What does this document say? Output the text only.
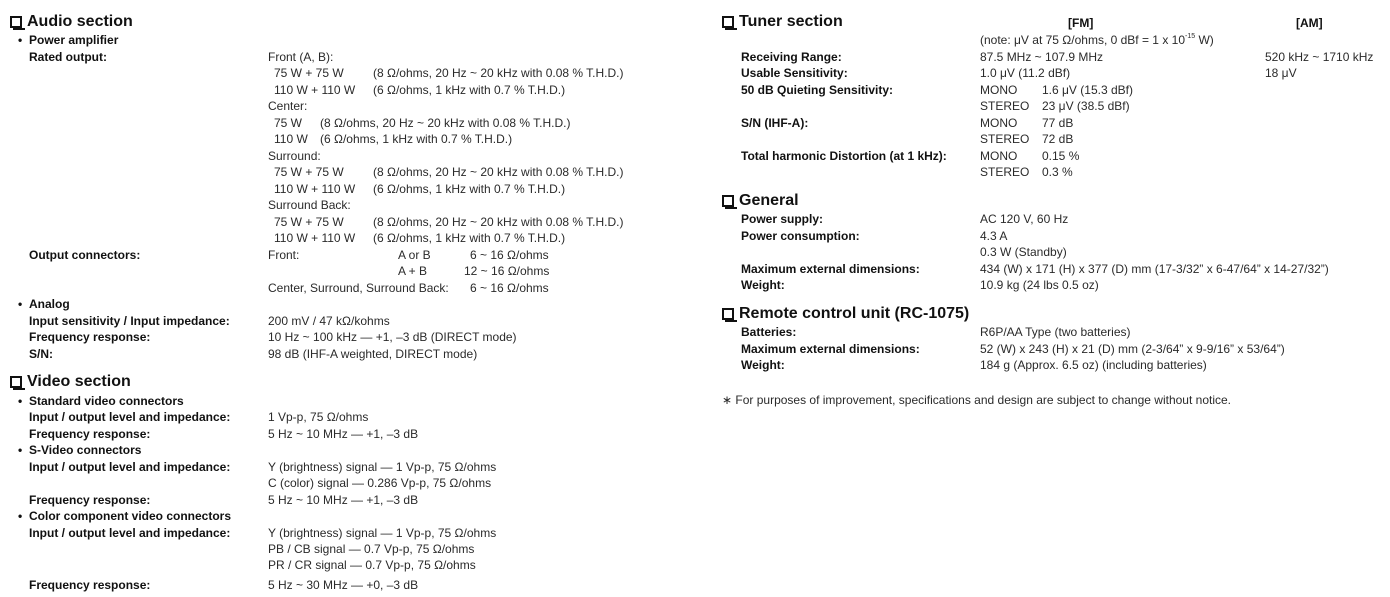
Audio section
• Power amplifier
Rated output:	Front (A, B):
75 W + 75 W (8 Ω/ohms, 20 Hz ~ 20 kHz with 0.08 % T.H.D.)
110 W + 110 W (6 Ω/ohms, 1 kHz with 0.7 % T.H.D.)
Center:
75 W (8 Ω/ohms, 20 Hz ~ 20 kHz with 0.08 % T.H.D.)
110 W (6 Ω/ohms, 1 kHz with 0.7 % T.H.D.)
Surround:
75 W + 75 W (8 Ω/ohms, 20 Hz ~ 20 kHz with 0.08 % T.H.D.)
110 W + 110 W (6 Ω/ohms, 1 kHz with 0.7 % T.H.D.)
Surround Back:
75 W + 75 W (8 Ω/ohms, 20 Hz ~ 20 kHz with 0.08 % T.H.D.)
110 W + 110 W (6 Ω/ohms, 1 kHz with 0.7 % T.H.D.)
Output connectors:	Front:	A or B	6 ~ 16 Ω/ohms
A + B	12 ~ 16 Ω/ohms
Center, Surround, Surround Back: 6 ~ 16 Ω/ohms
• Analog
Input sensitivity / Input impedance:	200 mV / 47 kΩ/kohms
Frequency response:	10 Hz ~ 100 kHz — +1, –3 dB (DIRECT mode)
S/N:	98 dB (IHF-A weighted, DIRECT mode)
Video section
• Standard video connectors
Input / output level and impedance:	1 Vp-p, 75 Ω/ohms
Frequency response:	5 Hz ~ 10 MHz — +1, –3 dB
• S-Video connectors
Input / output level and impedance:	Y (brightness) signal — 1 Vp-p, 75 Ω/ohms
C (color) signal — 0.286 Vp-p, 75 Ω/ohms
Frequency response:	5 Hz ~ 10 MHz — +1, –3 dB
• Color component video connectors
Input / output level and impedance:	Y (brightness) signal — 1 Vp-p, 75 Ω/ohms
PB / CB signal — 0.7 Vp-p, 75 Ω/ohms
PR / CR signal — 0.7 Vp-p, 75 Ω/ohms
Frequency response:	5 Hz ~ 30 MHz — +0, –3 dB
Tuner section	[FM]	[AM]
(note: μV at 75 Ω/ohms, 0 dBf = 1 x $10^{-15}$ W)
Receiving Range:	87.5 MHz ~ 107.9 MHz	520 kHz ~ 1710 kHz
Usable Sensitivity:	1.0 μV (11.2 dBf)	18 μV
50 dB Quieting Sensitivity:	MONO 1.6 μV (15.3 dBf)
STEREO 23 μV (38.5 dBf)
S/N (IHF-A):	MONO 77 dB
STEREO 72 dB
Total harmonic Distortion (at 1 kHz):	MONO 0.15 %
STEREO 0.3 %
General
Power supply:	AC 120 V, 60 Hz
Power consumption:	4.3 A
0.3 W (Standby)
Maximum external dimensions:	434 (W) x 171 (H) x 377 (D) mm (17-3/32” x 6-47/64” x 14-27/32”)
Weight:	10.9 kg (24 lbs 0.5 oz)
Remote control unit (RC-1075)
Batteries:	R6P/AA Type (two batteries)
Maximum external dimensions:	52 (W) x 243 (H) x 21 (D) mm (2-3/64” x 9-9/16” x 53/64”)
Weight:	184 g (Approx. 6.5 oz) (including batteries)
∗ For purposes of improvement, specifications and design are subject to change without notice.
